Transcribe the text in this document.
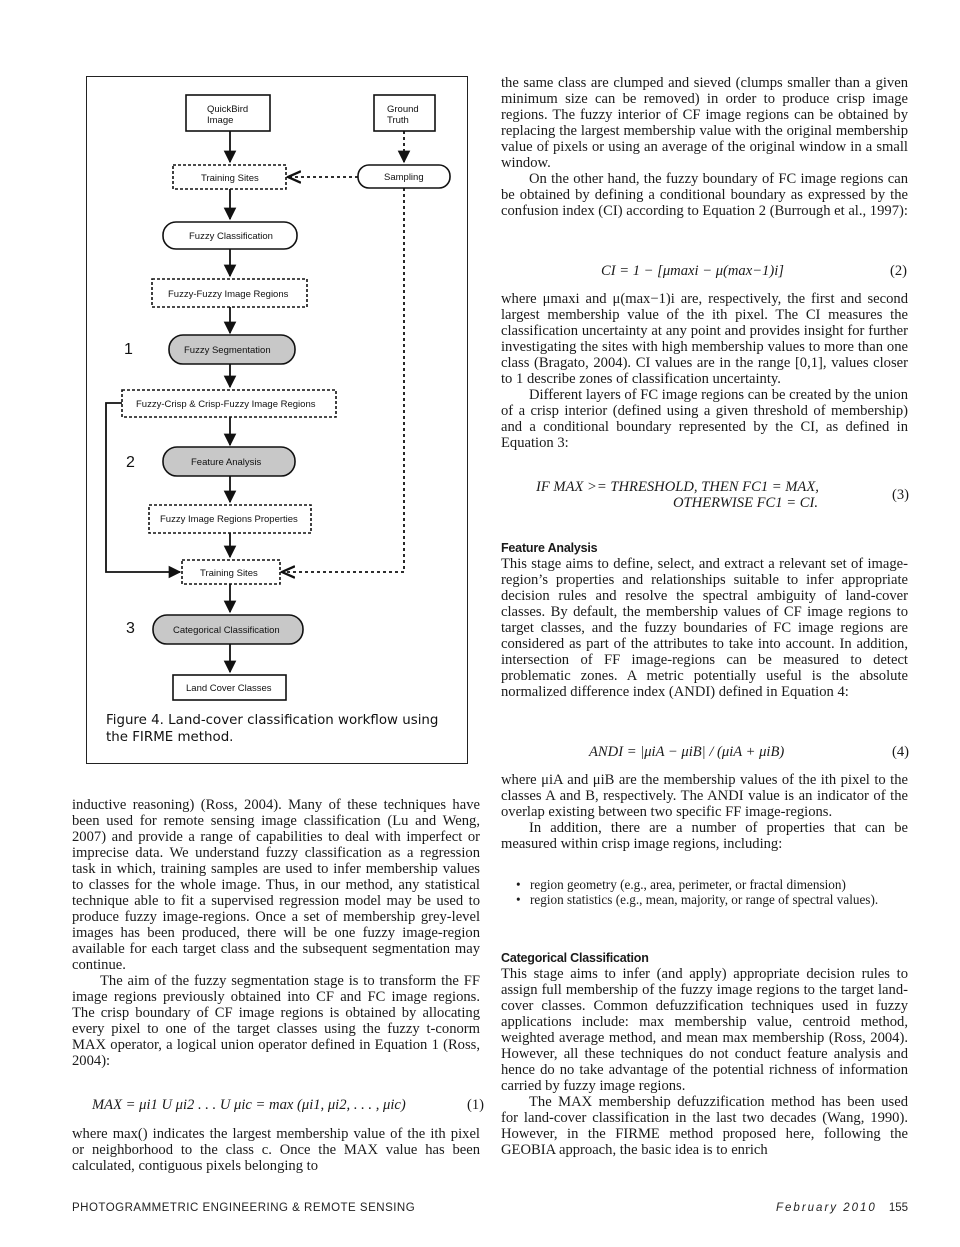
QuickBird
Image
Ground
Truth
Training Sites	Sampling
Fuzzy Classification
Fuzzy-Fuzzy Image Regions
1	Fuzzy Segmentation
Fuzzy-Crisp & Crisp-Fuzzy Image Regions
2	Feature Analysis
Fuzzy Image Regions Properties
Training Sites
3	Categorical Classification
Land Cover Classes
Figure 4. Land-cover classification workflow using the FIRME method.

inductive reasoning) (Ross, 2004). Many of these techniques have been used for remote sensing image classification (Lu and Weng, 2007) and provide a range of capabilities to deal with imperfect or imprecise data. We understand fuzzy classification as a regression task in which, training samples are used to infer membership values to classes for the whole image. Thus, in our method, any statistical technique able to fit a supervised regression model may be used to produce fuzzy image-regions. Once a set of membership grey-level images has been produced, there will be one fuzzy image-region available for each target class and the subsequent segmentation may continue.

The aim of the fuzzy segmentation stage is to transform the FF image regions previously obtained into CF and FC image regions. The crisp boundary of CF image regions is obtained by allocating every pixel to one of the target classes using the fuzzy t-conorm MAX operator, a logical union operator defined in Equation 1 (Ross, 2004):

MAX = μi1 U μi2 . . . U μic = max (μi1, μi2, . . . , μic)	(1)

where max() indicates the largest membership value of the ith pixel or neighborhood to the class c. Once the MAX value has been calculated, contiguous pixels belonging to

the same class are clumped and sieved (clumps smaller than a given minimum size can be removed) in order to produce crisp image regions. The fuzzy interior of CF image regions can be obtained by replacing the largest membership value with the original membership value of pixels or using an average of the original window in a small window.

On the other hand, the fuzzy boundary of FC image regions can be obtained by defining a conditional boundary as expressed by the confusion index (CI) according to Equation 2 (Burrough et al., 1997):

CI = 1 − [μmaxi − μ(max−1)i]	(2)

where μmaxi and μ(max−1)i are, respectively, the first and second largest membership value of the ith pixel. The CI measures the classification uncertainty at any point and provides insight for further investigating the sites with high membership values to more than one class (Bragato, 2004). CI values are in the range [0,1], values closer to 1 describe zones of classification uncertainty.

Different layers of FC image regions can be created by the union of a crisp interior (defined using a given threshold of membership) and a conditional boundary represented by the CI, as defined in Equation 3:

IF MAX >= THRESHOLD, THEN FC1 = MAX,
OTHERWISE FC1 = CI.	(3)
Feature Analysis

This stage aims to define, select, and extract a relevant set of image-region’s properties and relationships suitable to infer appropriate decision rules and resolve the spectral ambiguity of land-cover classes. By default, the membership values of CF image regions to target classes, and the fuzzy boundaries of FC image regions are considered as part of the attributes to take into account. In addition, intersection of FF image-regions can be measured to detect problematic zones. A metric potentially useful is the absolute normalized difference index (ANDI) defined in Equation 4:

ANDI = |μiA − μiB| / (μiA + μiB)	(4)

where μiA and μiB are the membership values of the ith pixel to the classes A and B, respectively. The ANDI value is an indicator of the overlap existing between two specific FF image-regions.

In addition, there are a number of properties that can be measured within crisp image regions, including:

• region geometry (e.g., area, perimeter, or fractal dimension)
• region statistics (e.g., mean, majority, or range of spectral values).
Categorical Classification

This stage aims to infer (and apply) appropriate decision rules to assign full membership of the fuzzy image regions to the target land-cover classes. Common defuzzification techniques used in fuzzy applications include: max membership value, centroid method, weighted average method, and mean max membership (Ross, 2004). However, all these techniques do not conduct feature analysis and hence do no take advantage of the potential richness of information carried by fuzzy image regions.

The MAX membership defuzzification method has been used for land-cover classification in the last two decades (Wang, 1990). However, in the FIRME method proposed here, following the GEOBIA approach, the basic idea is to enrich

PHOTOGRAMMETRIC ENGINEERING & REMOTE SENSING	February 2010 155
